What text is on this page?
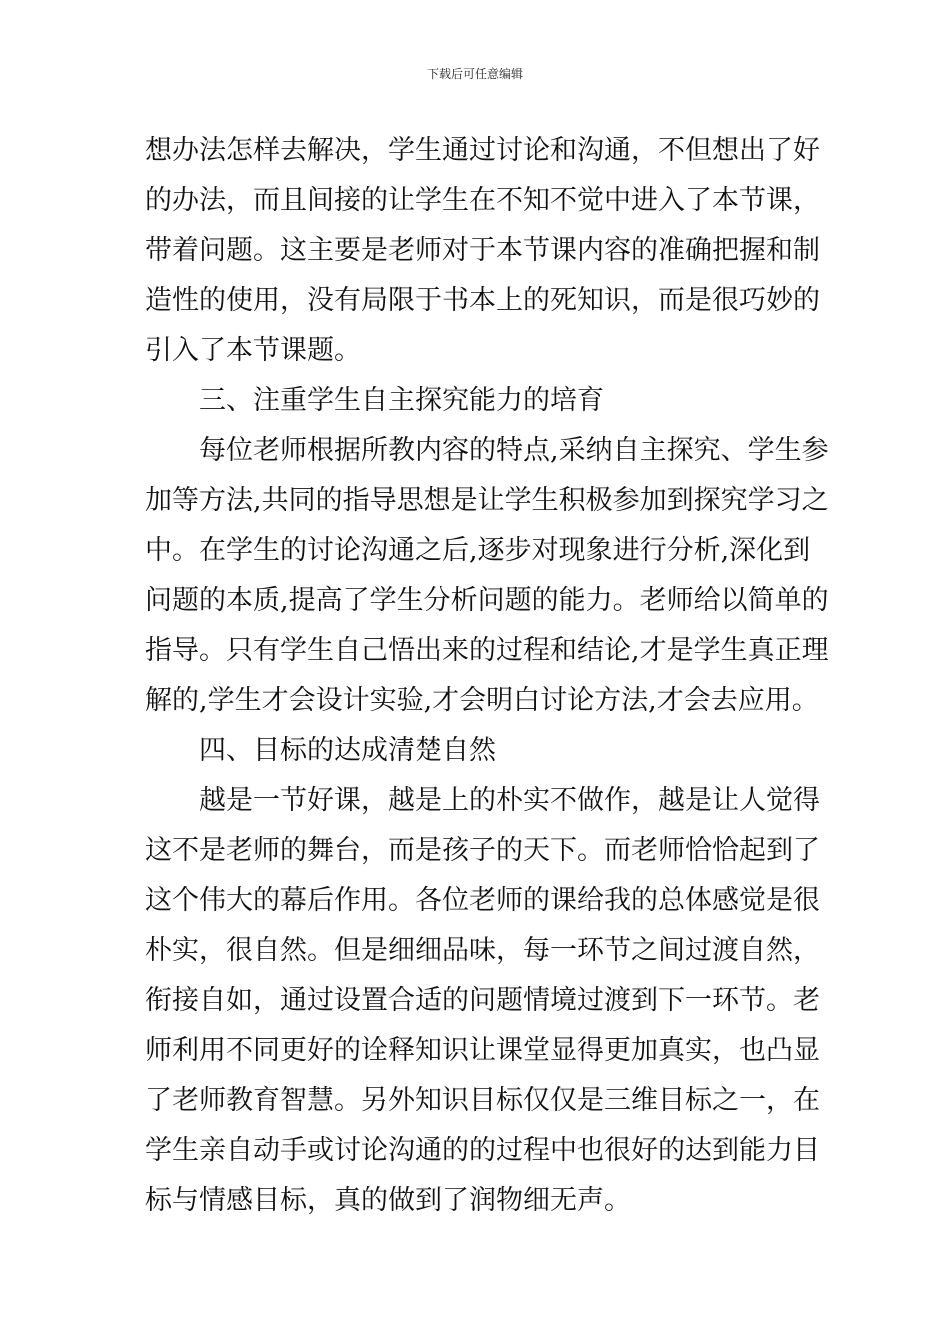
下载后可任意编辑
想办法怎样去解决，学生通过讨论和沟通，不但想出了好
的办法，而且间接的让学生在不知不觉中进入了本节课，
带着问题。这主要是老师对于本节课内容的准确把握和制
造性的使用，没有局限于书本上的死知识，而是很巧妙的
引入了本节课题。
三、注重学生自主探究能力的培育
每位老师根据所教内容的特点,采纳自主探究、学生参
加等方法,共同的指导思想是让学生积极参加到探究学习之
中。在学生的讨论沟通之后,逐步对现象进行分析,深化到
问题的本质,提高了学生分析问题的能力。老师给以简单的
指导。只有学生自己悟出来的过程和结论,才是学生真正理
解的,学生才会设计实验,才会明白讨论方法,才会去应用。
四、目标的达成清楚自然
越是一节好课，越是上的朴实不做作，越是让人觉得
这不是老师的舞台，而是孩子的天下。而老师恰恰起到了
这个伟大的幕后作用。各位老师的课给我的总体感觉是很
朴实，很自然。但是细细品味，每一环节之间过渡自然，
衔接自如，通过设置合适的问题情境过渡到下一环节。老
师利用不同更好的诠释知识让课堂显得更加真实，也凸显
了老师教育智慧。另外知识目标仅仅是三维目标之一，在
学生亲自动手或讨论沟通的的过程中也很好的达到能力目
标与情感目标，真的做到了润物细无声。
